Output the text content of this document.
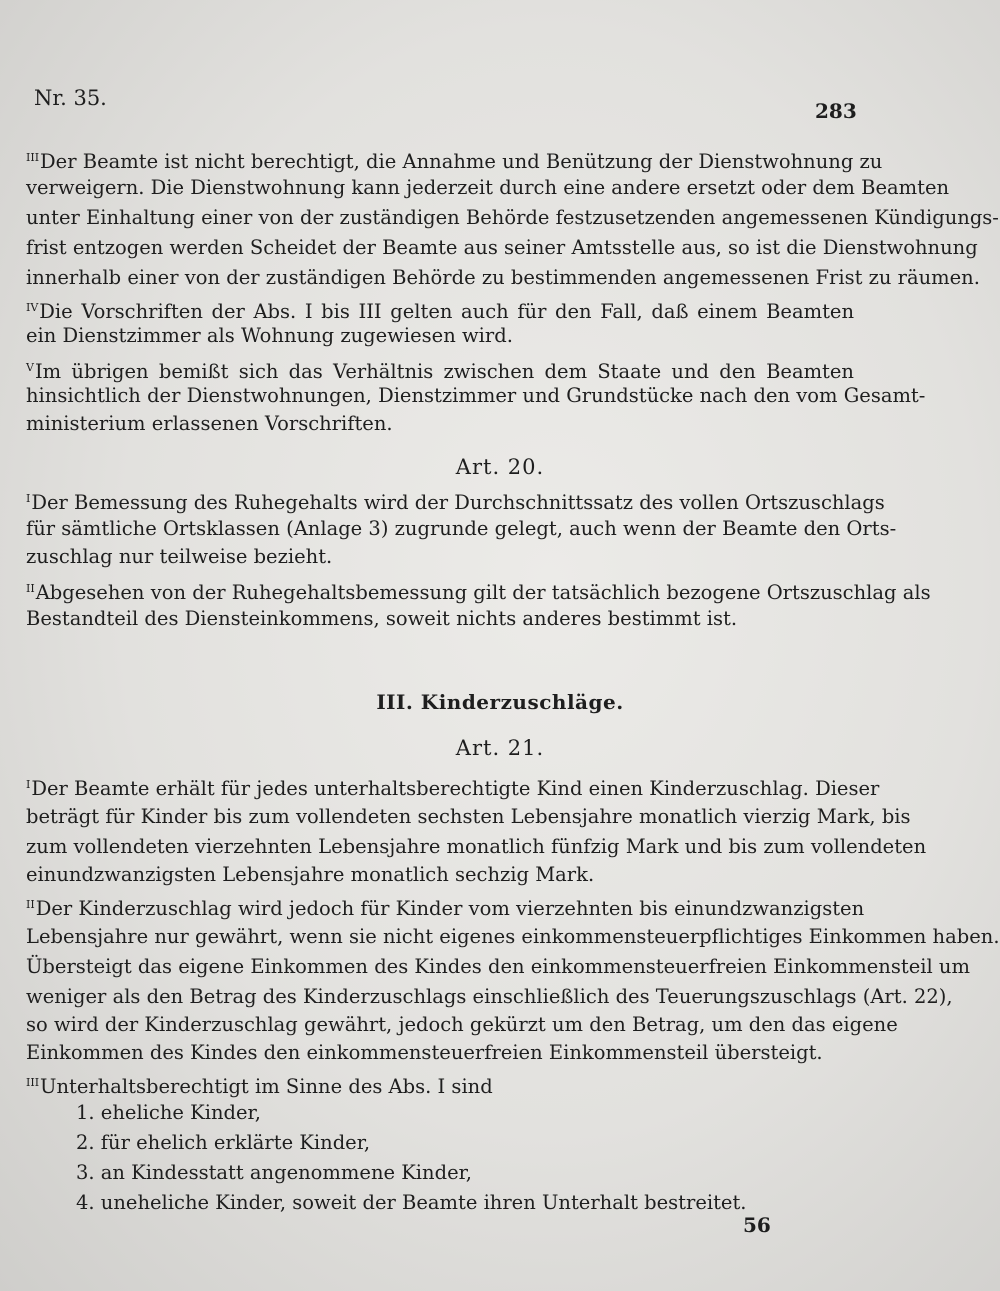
Nr. 35.
283
$^{III}$Der Beamte ist nicht berechtigt, die Annahme und Benützung der Dienstwohnung zu
verweigern. Die Dienstwohnung kann jederzeit durch eine andere ersetzt oder dem Beamten
unter Einhaltung einer von der zuständigen Behörde festzusetzenden angemessenen Kündigungs-
frist entzogen werden Scheidet der Beamte aus seiner Amtsstelle aus, so ist die Dienstwohnung
innerhalb einer von der zuständigen Behörde zu bestimmenden angemessenen Frist zu räumen.
$^{IV}$Die Vorschriften der Abs. I bis III gelten auch für den Fall, daß einem Beamten
ein Dienstzimmer als Wohnung zugewiesen wird.
$^V$Im übrigen bemißt sich das Verhältnis zwischen dem Staate und den Beamten
hinsichtlich der Dienstwohnungen, Dienstzimmer und Grundstücke nach den vom Gesamt-
ministerium erlassenen Vorschriften.
Art. 20.
$^I$Der Bemessung des Ruhegehalts wird der Durchschnittssatz des vollen Ortszuschlags
für sämtliche Ortsklassen (Anlage 3) zugrunde gelegt, auch wenn der Beamte den Orts-
zuschlag nur teilweise bezieht.
$^{II}$Abgesehen von der Ruhegehaltsbemessung gilt der tatsächlich bezogene Ortszuschlag als
Bestandteil des Diensteinkommens, soweit nichts anderes bestimmt ist.
III. Kinderzuschläge.
Art. 21.
$^I$Der Beamte erhält für jedes unterhaltsberechtigte Kind einen Kinderzuschlag. Dieser
beträgt für Kinder bis zum vollendeten sechsten Lebensjahre monatlich vierzig Mark, bis
zum vollendeten vierzehnten Lebensjahre monatlich fünfzig Mark und bis zum vollendeten
einundzwanzigsten Lebensjahre monatlich sechzig Mark.
$^{II}$Der Kinderzuschlag wird jedoch für Kinder vom vierzehnten bis einundzwanzigsten
Lebensjahre nur gewährt, wenn sie nicht eigenes einkommensteuerpflichtiges Einkommen haben.
Übersteigt das eigene Einkommen des Kindes den einkommensteuerfreien Einkommensteil um
weniger als den Betrag des Kinderzuschlags einschließlich des Teuerungszuschlags (Art. 22),
so wird der Kinderzuschlag gewährt, jedoch gekürzt um den Betrag, um den das eigene
Einkommen des Kindes den einkommensteuerfreien Einkommensteil übersteigt.
$^{III}$Unterhaltsberechtigt im Sinne des Abs. I sind
1. eheliche Kinder,
2. für ehelich erklärte Kinder,
3. an Kindesstatt angenommene Kinder,
4. uneheliche Kinder, soweit der Beamte ihren Unterhalt bestreitet.
56
